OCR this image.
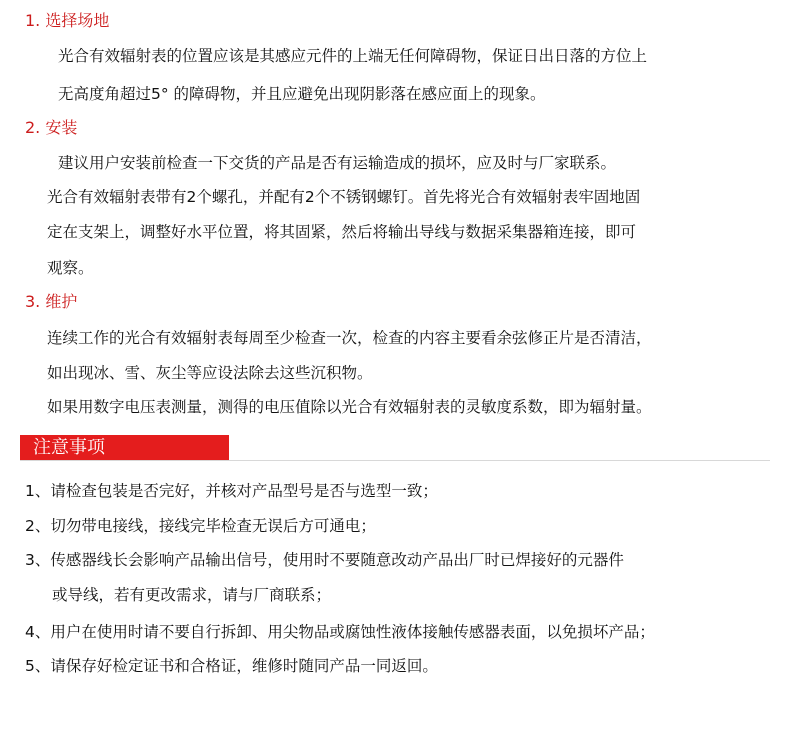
1. 选择场地
光合有效辐射表的位置应该是其感应元件的上端无任何障碍物，保证日出日落的方位上
无高度角超过5° 的障碍物，并且应避免出现阴影落在感应面上的现象。
2. 安装
建议用户安装前检查一下交货的产品是否有运输造成的损坏，应及时与厂家联系。
光合有效辐射表带有2个螺孔，并配有2个不锈钢螺钉。首先将光合有效辐射表牢固地固
定在支架上，调整好水平位置，将其固紧，然后将输出导线与数据采集器箱连接，即可
观察。
3. 维护
连续工作的光合有效辐射表每周至少检查一次，检查的内容主要看余弦修正片是否清洁，
如出现冰、雪、灰尘等应设法除去这些沉积物。
如果用数字电压表测量，测得的电压值除以光合有效辐射表的灵敏度系数，即为辐射量。
注意事项
1、请检查包装是否完好，并核对产品型号是否与选型一致；
2、切勿带电接线，接线完毕检查无误后方可通电；
3、传感器线长会影响产品输出信号，使用时不要随意改动产品出厂时已焊接好的元器件
或导线，若有更改需求，请与厂商联系；
4、用户在使用时请不要自行拆卸、用尖物品或腐蚀性液体接触传感器表面，以免损坏产品；
5、请保存好检定证书和合格证，维修时随同产品一同返回。
